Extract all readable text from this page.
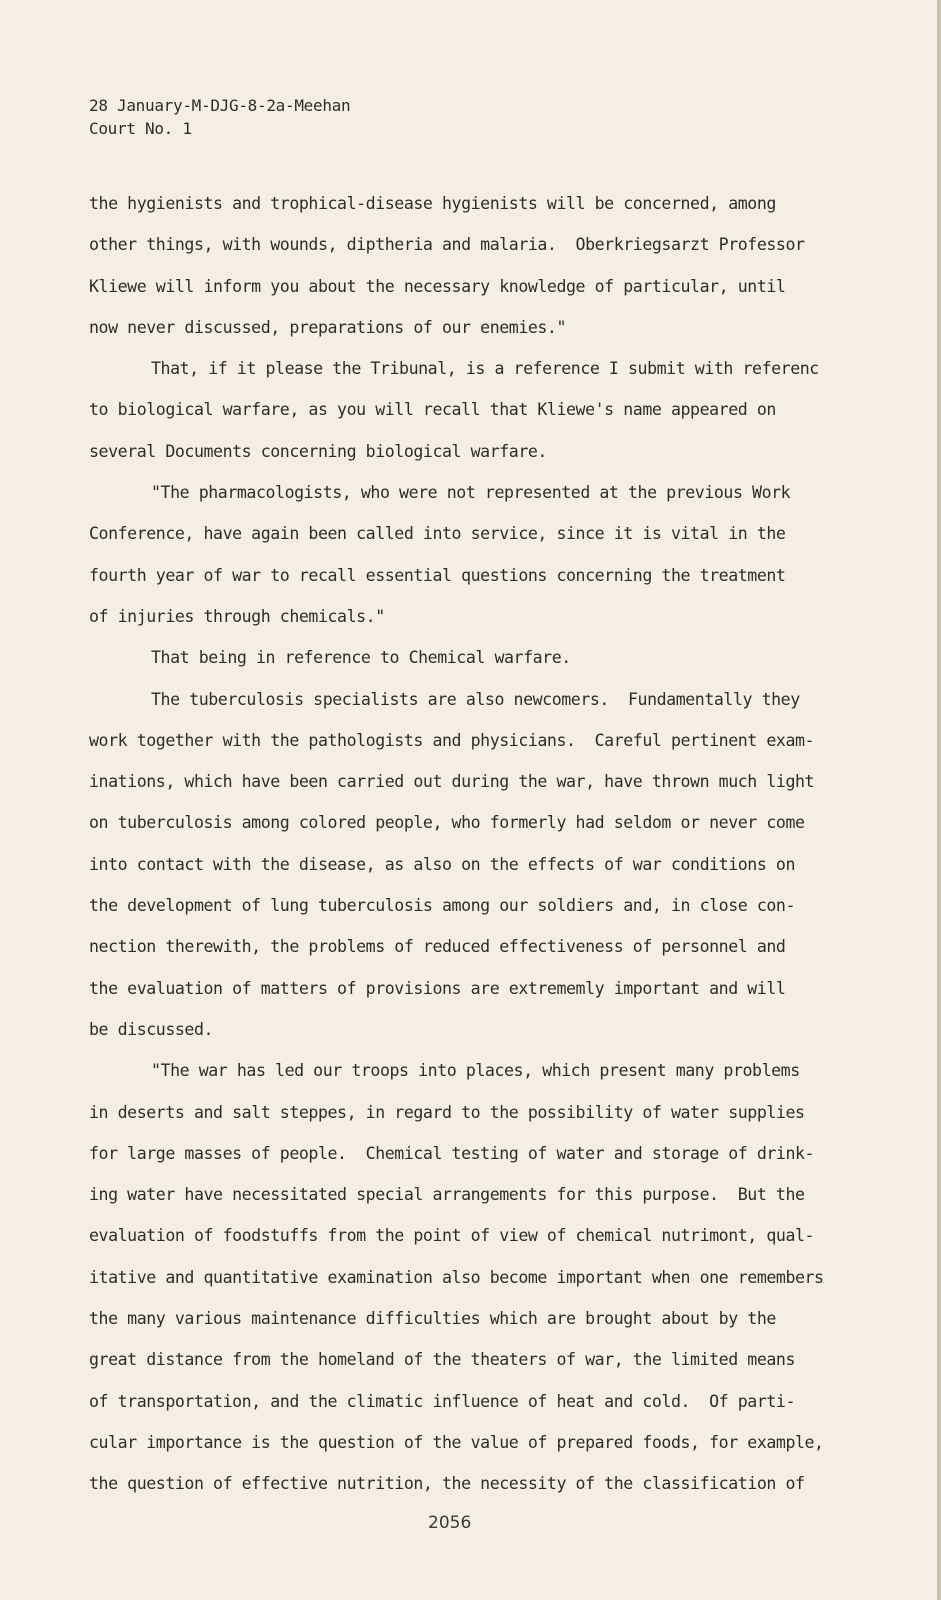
28 January-M-DJG-8-2a-Meehan
Court No. 1
the hygienists and trophical-disease hygienists will be concerned, among
other things, with wounds, diptheria and malaria.  Oberkriegsarzt Professor
Kliewe will inform you about the necessary knowledge of particular, until
now never discussed, preparations of our enemies."
That, if it please the Tribunal, is a reference I submit with referenc
to biological warfare, as you will recall that Kliewe's name appeared on
several Documents concerning biological warfare.
"The pharmacologists, who were not represented at the previous Work
Conference, have again been called into service, since it is vital in the
fourth year of war to recall essential questions concerning the treatment
of injuries through chemicals."
That being in reference to Chemical warfare.
The tuberculosis specialists are also newcomers.  Fundamentally they
work together with the pathologists and physicians.  Careful pertinent exam-
inations, which have been carried out during the war, have thrown much light
on tuberculosis among colored people, who formerly had seldom or never come
into contact with the disease, as also on the effects of war conditions on
the development of lung tuberculosis among our soldiers and, in close con-
nection therewith, the problems of reduced effectiveness of personnel and
the evaluation of matters of provisions are extrememly important and will
be discussed.
"The war has led our troops into places, which present many problems
in deserts and salt steppes, in regard to the possibility of water supplies
for large masses of people.  Chemical testing of water and storage of drink-
ing water have necessitated special arrangements for this purpose.  But the
evaluation of foodstuffs from the point of view of chemical nutrimont, qual-
itative and quantitative examination also become important when one remembers
the many various maintenance difficulties which are brought about by the
great distance from the homeland of the theaters of war, the limited means
of transportation, and the climatic influence of heat and cold.  Of parti-
cular importance is the question of the value of prepared foods, for example,
the question of effective nutrition, the necessity of the classification of
2056
